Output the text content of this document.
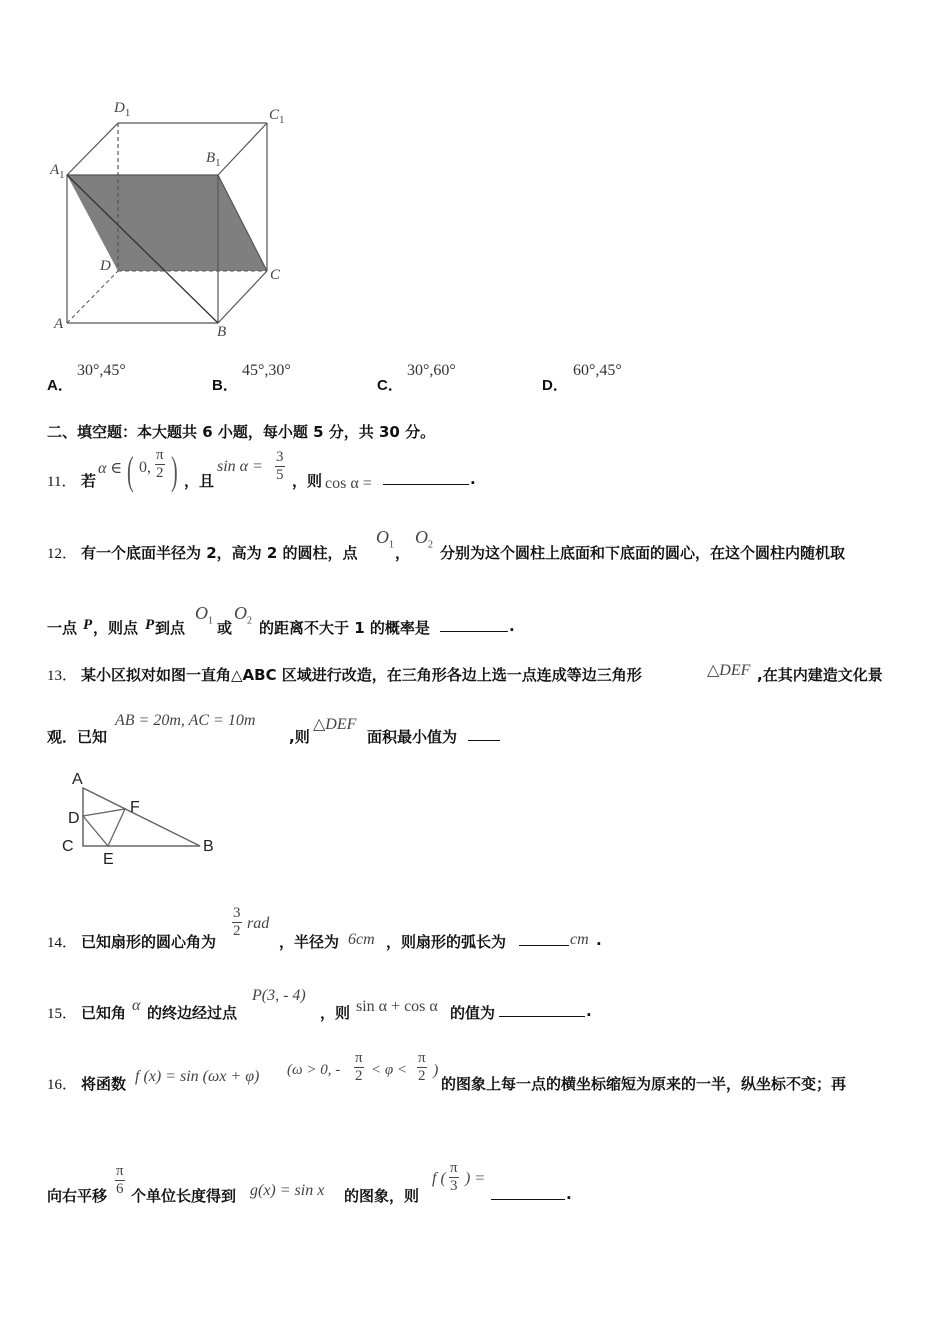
$D_1$	$C_1$
$A_1$
$B_1$
D
C
A	B
A．
30°,45°
B．
45°,30°
C．
30°,60°
D．
60°,45°
二、填空题：本大题共 6 小题，每小题 5 分，共 30 分。
11． 若
α ∈ ( 0, $\frac{\pi}{2}$ ) ，且
$\sin \alpha = \frac{3}{5}$ ，则 cos α =	.
12． 有一个底面半径为 2，高为 2 的圆柱，点
$O_1$ ，
$O_2$ 分别为这个圆柱上底面和下底面的圆心，在这个圆柱内随机取
一点 P ，则点 P 到点
$O_1$ 或
$O_2$ 的距离不大于 1 的概率是	.
13． 某小区拟对如图一直角△ABC 区域进行改造，在三角形各边上选一点连成等边三角形	△DEF ,在其内建造文化景
观．已知
AB = 20m, AC = 10m
,则
△DEF
面积最小值为
A
D
C
E
F
B
14． 已知扇形的圆心角为
$\frac{3}{2}$ rad
，半径为 6cm ，则扇形的弧长为	cm .
15． 已知角 α 的终边经过点
P(3, - 4)
，则 sin α + cos α 的值为	.
16． 将函数 f (x) = sin (ωx + φ) (ω > 0, - $\frac{\pi}{2} < \varphi < \frac{\pi}{2}$ )
的图象上每一点的横坐标缩短为原来的一半，纵坐标不变；再
向右平移 $\frac{\pi}{6}$ 个单位长度得到 g(x) = sin x 的图象，则
f ( $\frac{\pi}{3}$ ) =
.
